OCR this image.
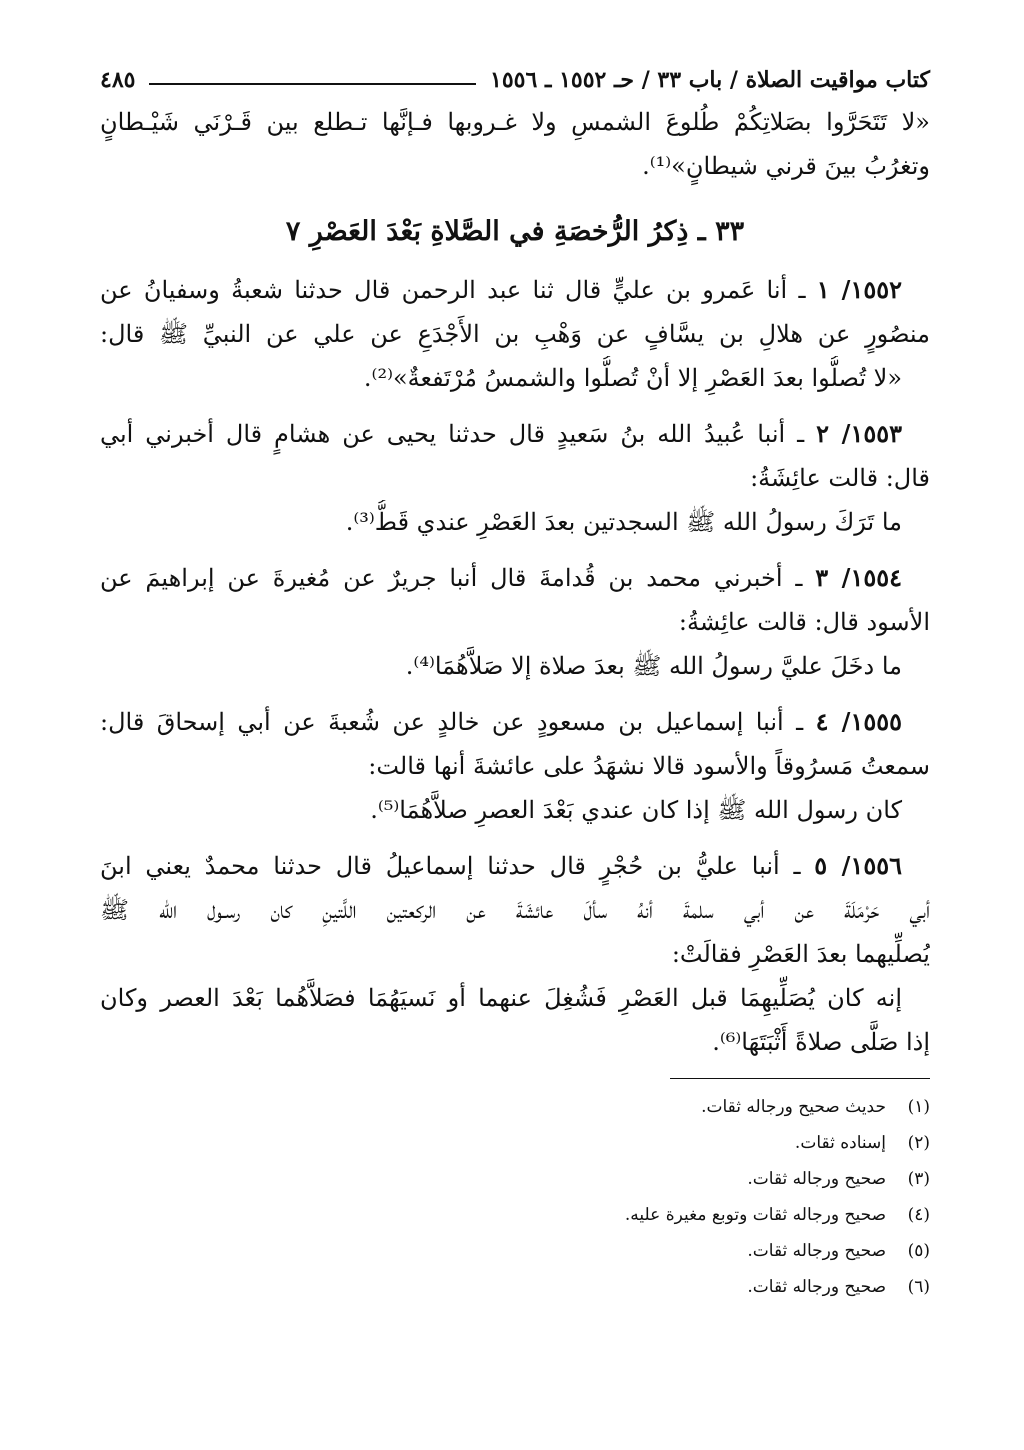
كتاب مواقيت الصلاة / باب ٣٣ / حـ ١٥٥٢ ـ ١٥٥٦
٤٨٥
«لا تَتَحَرَّوا بصَلاتِكُمْ طُلوعَ الشمسِ ولا غـروبها فـإنَّها تـطلع بين قَـرْنَي شَيْـطانٍ
وتغرُبُ بينَ قرني شيطانٍ»⁽¹⁾.
٣٣ ـ ذِكرُ الرُّخصَةِ في الصَّلاةِ بَعْدَ العَصْرِ ٧
١٥٥٢/ ١ ـ أنا عَمرو بن عليٍّ قال ثنا عبد الرحمن قال حدثنا شعبةُ وسفيانُ عن
منصُورٍ عن هلالِ بن يسَّافٍ عن وَهْبِ بن الأَجْدَعِ عن علي عن النبيِّ ﷺ قال:
«لا تُصلُّوا بعدَ العَصْرِ إلا أنْ تُصلُّوا والشمسُ مُرْتَفعةٌ»⁽²⁾.
١٥٥٣/ ٢ ـ أنبا عُبيدُ الله بنُ سَعيدٍ قال حدثنا يحيى عن هشامٍ قال أخبرني أبي
قال: قالت عائِشَةُ:
ما تَرَكَ رسولُ الله ﷺ السجدتين بعدَ العَصْرِ عندي قَطُّ⁽³⁾.
١٥٥٤/ ٣ ـ أخبرني محمد بن قُدامةَ قال أنبا جريرٌ عن مُغيرةَ عن إبراهيمَ عن
الأسود قال: قالت عائِشةُ:
ما دخَلَ عليَّ رسولُ الله ﷺ بعدَ صلاة إلا صَلاَّهُمَا⁽⁴⁾.
١٥٥٥/ ٤ ـ أنبا إسماعيل بن مسعودٍ عن خالدٍ عن شُعبةَ عن أبي إسحاقَ قال:
سمعتُ مَسرُوقاً والأسود قالا نشهَدُ على عائشةَ أنها قالت:
كان رسول الله ﷺ إذا كان عندي بَعْدَ العصرِ صلاَّهُمَا⁽⁵⁾.
١٥٥٦/ ٥ ـ أنبا عليُّ بن حُجْرٍ قال حدثنا إسماعيلُ قال حدثنا محمدٌ يعني ابنَ
أبي حَرْمَلَةَ عن أبي سلمةَ أنهُ سألَ عائشَةَ عن الركعتين اللَّتينِ كان رسـول الله ﷺ
يُصلِّيهما بعدَ العَصْرِ فقالَتْ:
إنه كان يُصَلِّيهِمَا قبل العَصْرِ فَشُغِلَ عنهما أو نَسيَهُمَا فصَلاَّهُما بَعْدَ العصر وكان
إذا صَلَّى صلاةً أَثْبَتَهَا⁽⁶⁾.
(١)
حديث صحيح ورجاله ثقات.
(٢)
إسناده ثقات.
(٣)
صحيح ورجاله ثقات.
(٤)
صحيح ورجاله ثقات وتوبع مغيرة عليه.
(٥)
صحيح ورجاله ثقات.
(٦)
صحيح ورجاله ثقات.
